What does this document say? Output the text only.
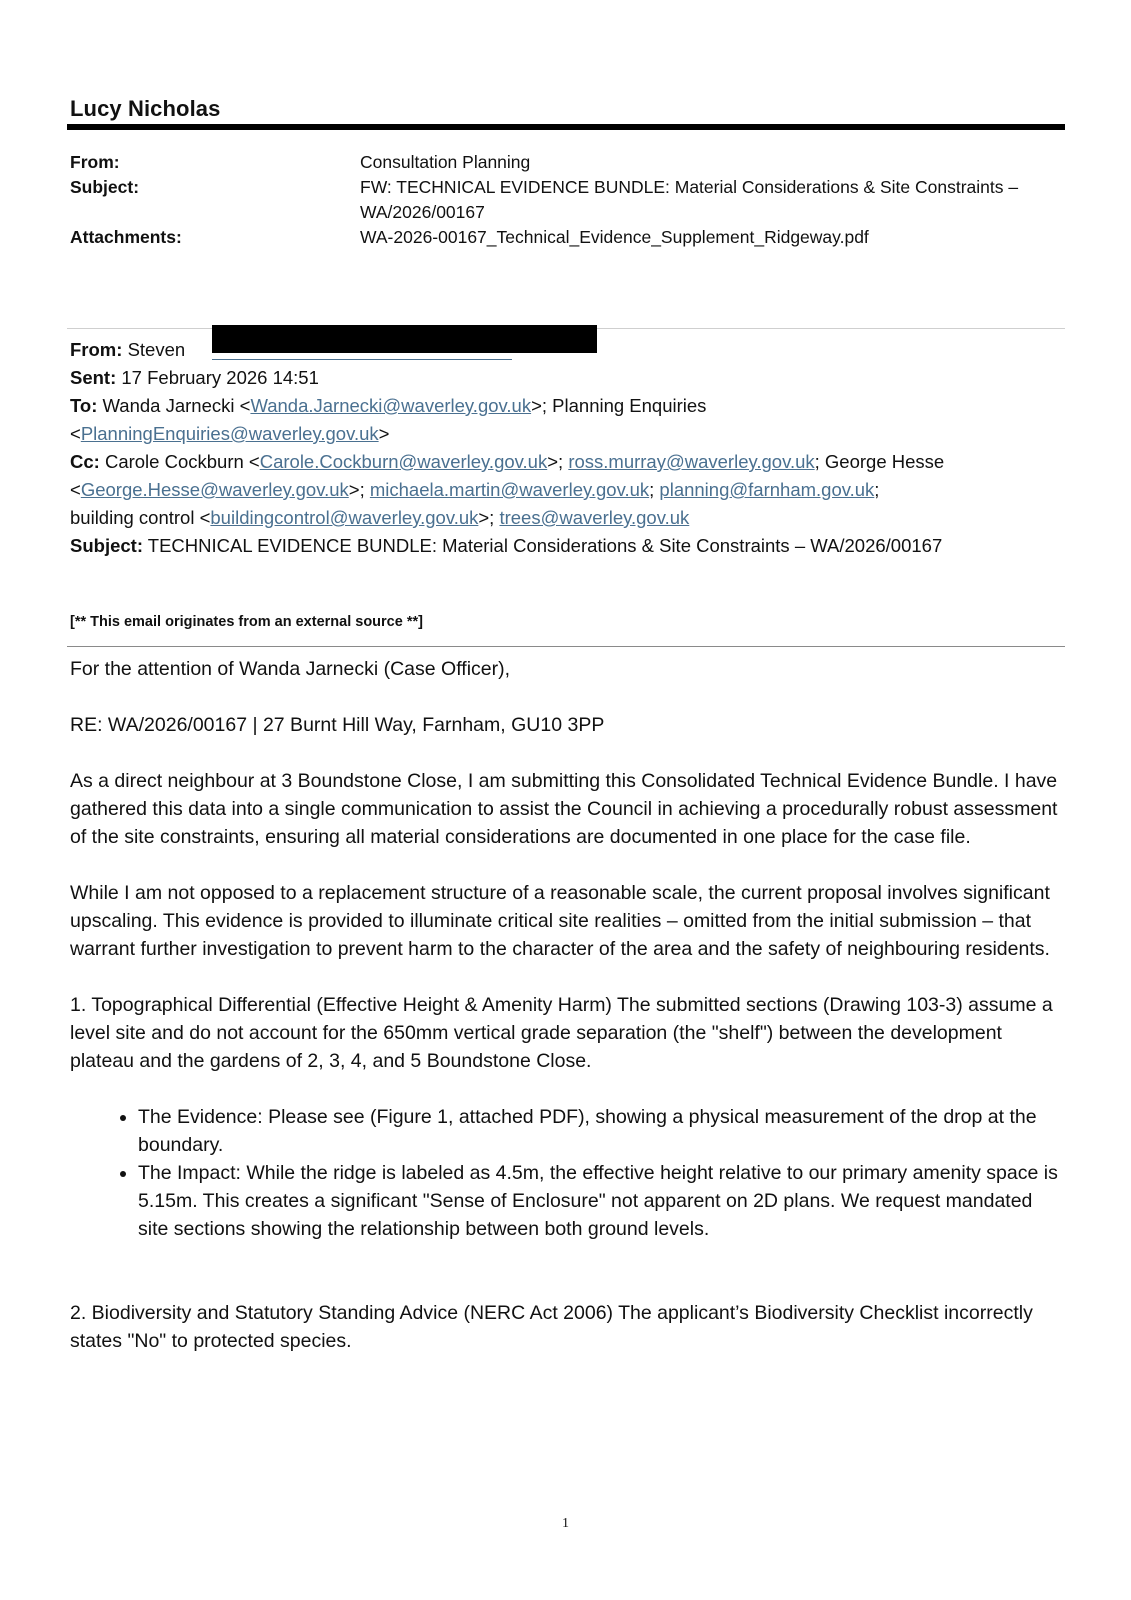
Lucy Nicholas
From:	Consultation Planning
Subject:	FW: TECHNICAL EVIDENCE BUNDLE: Material Considerations & Site Constraints –
WA/2026/00167
Attachments:	WA-2026-00167_Technical_Evidence_Supplement_Ridgeway.pdf
From: Steven
Sent: 17 February 2026 14:51
To: Wanda Jarnecki <Wanda.Jarnecki@waverley.gov.uk>; Planning Enquiries
<PlanningEnquiries@waverley.gov.uk>
Cc: Carole Cockburn <Carole.Cockburn@waverley.gov.uk>; ross.murray@waverley.gov.uk; George Hesse
<George.Hesse@waverley.gov.uk>; michaela.martin@waverley.gov.uk; planning@farnham.gov.uk;
building control <buildingcontrol@waverley.gov.uk>; trees@waverley.gov.uk
Subject: TECHNICAL EVIDENCE BUNDLE: Material Considerations & Site Constraints – WA/2026/00167
[** This email originates from an external source **]

For the attention of Wanda Jarnecki (Case Officer),

RE: WA/2026/00167 | 27 Burnt Hill Way, Farnham, GU10 3PP

As a direct neighbour at 3 Boundstone Close, I am submitting this Consolidated Technical Evidence Bundle. I have gathered this data into a single communication to assist the Council in achieving a procedurally robust assessment of the site constraints, ensuring all material considerations are documented in one place for the case file.

While I am not opposed to a replacement structure of a reasonable scale, the current proposal involves significant upscaling. This evidence is provided to illuminate critical site realities – omitted from the initial submission – that warrant further investigation to prevent harm to the character of the area and the safety of neighbouring residents.

1. Topographical Differential (Effective Height & Amenity Harm) The submitted sections (Drawing 103-3) assume a level site and do not account for the 650mm vertical grade separation (the "shelf") between the development plateau and the gardens of 2, 3, 4, and 5 Boundstone Close.

• The Evidence: Please see (Figure 1, attached PDF), showing a physical measurement of the drop at the boundary.
• The Impact: While the ridge is labeled as 4.5m, the effective height relative to our primary amenity space is 5.15m. This creates a significant "Sense of Enclosure" not apparent on 2D plans. We request mandated site sections showing the relationship between both ground levels.

2. Biodiversity and Statutory Standing Advice (NERC Act 2006) The applicant’s Biodiversity Checklist incorrectly states "No" to protected species.

1
